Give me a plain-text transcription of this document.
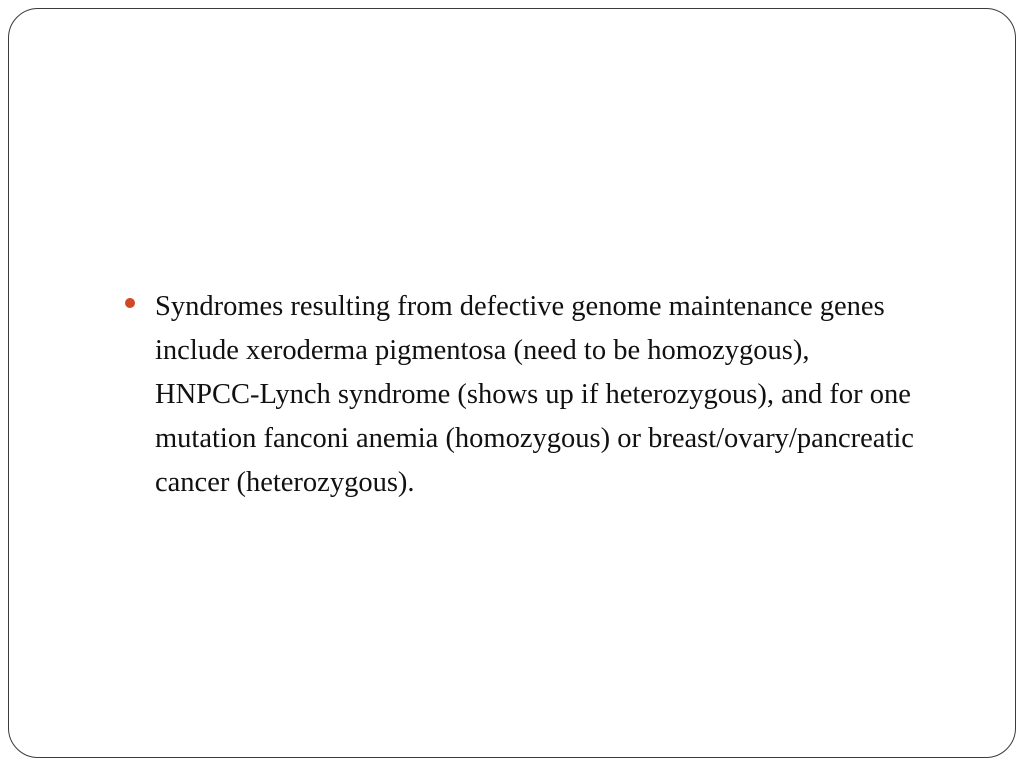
Syndromes resulting from defective genome maintenance genes include xeroderma pigmentosa (need to be homozygous), HNPCC-Lynch syndrome (shows up if heterozygous), and for one mutation fanconi anemia (homozygous) or breast/ovary/pancreatic cancer (heterozygous).
